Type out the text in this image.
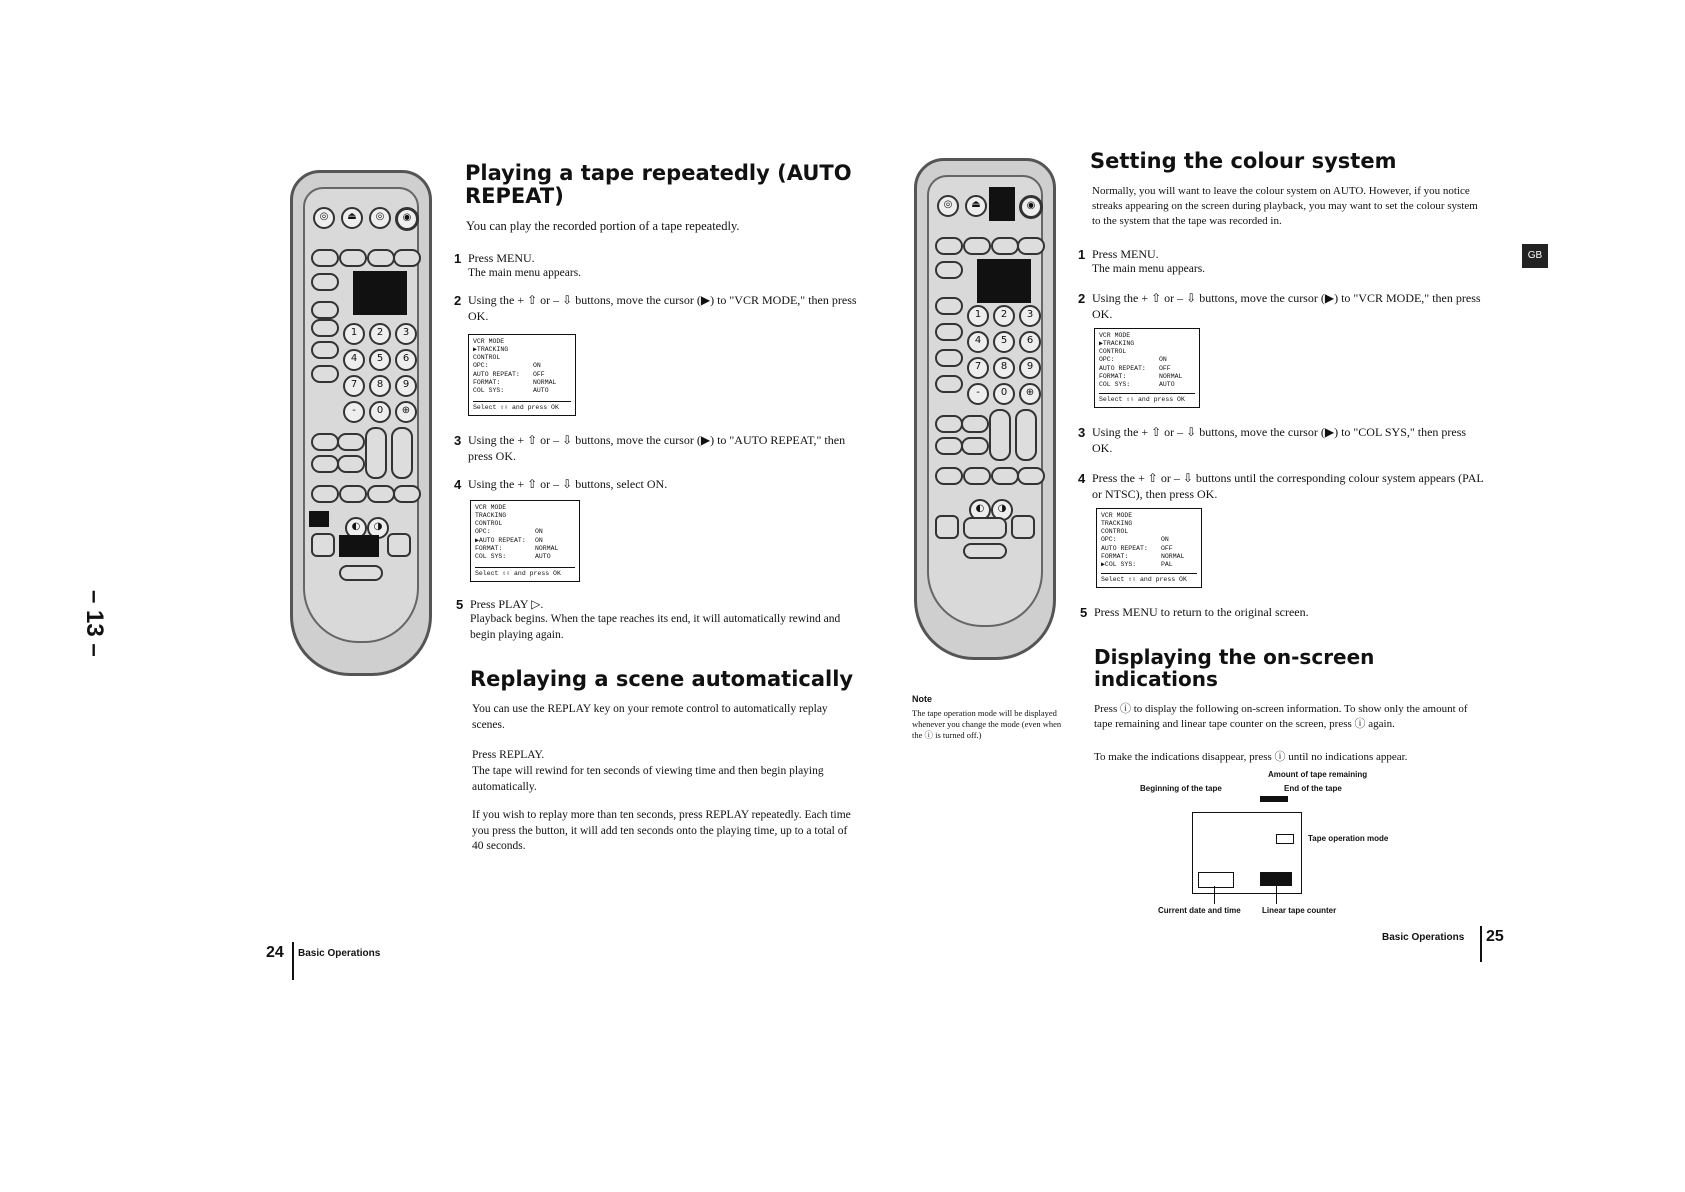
– 13 –
◎	⏏	◎	◉
1	2	3
4	5	6
7	8	9
-	0	⊕
◐	◑
Playing a tape repeatedly (AUTO REPEAT)
You can play the recorded portion of a tape repeatedly.
1 Press MENU.
The main menu appears.
2 Using the + ⇧ or – ⇩ buttons, move the cursor (▶) to "VCR MODE," then press OK.
VCR MODE
▶TRACKING CONTROL
OPC:	ON
AUTO REPEAT:	OFF
FORMAT:	NORMAL
COL SYS:	AUTO
Select ⇧⇩ and press OK
3 Using the + ⇧ or – ⇩ buttons, move the cursor (▶) to "AUTO REPEAT," then press OK.
4 Using the + ⇧ or – ⇩ buttons, select ON.
VCR MODE
TRACKING CONTROL
OPC:	ON
▶AUTO REPEAT:	ON
FORMAT:	NORMAL
COL SYS:	AUTO
Select ⇧⇩ and press OK
5 Press PLAY ▷.
Playback begins. When the tape reaches its end, it will automatically rewind and begin playing again.
Replaying a scene automatically
You can use the REPLAY key on your remote control to automatically replay scenes.
Press REPLAY.
The tape will rewind for ten seconds of viewing time and then begin playing automatically.
If you wish to replay more than ten seconds, press REPLAY repeatedly. Each time you press the button, it will add ten seconds onto the playing time, up to a total of 40 seconds.
24 Basic Operations
◎	⏏	◉
1	2	3
4	5	6
7	8	9
-	0	⊕
◐	◑
Note
The tape operation mode will be displayed whenever you change the mode (even when the ⓘ is turned off.)
Setting the colour system
Normally, you will want to leave the colour system on AUTO. However, if you notice streaks appearing on the screen during playback, you may want to set the colour system to the system that the tape was recorded in.
1 Press MENU.
The main menu appears.
2 Using the + ⇧ or – ⇩ buttons, move the cursor (▶) to "VCR MODE," then press OK.
VCR MODE
▶TRACKING CONTROL
OPC:	ON
AUTO REPEAT:	OFF
FORMAT:	NORMAL
COL SYS:	AUTO
Select ⇧⇩ and press OK
3 Using the + ⇧ or – ⇩ buttons, move the cursor (▶) to "COL SYS," then press OK.
4 Press the + ⇧ or – ⇩ buttons until the corresponding colour system appears (PAL or NTSC), then press OK.
VCR MODE
TRACKING CONTROL
OPC:	ON
AUTO REPEAT:	OFF
FORMAT:	NORMAL
▶COL SYS:	PAL
Select ⇧⇩ and press OK
5 Press MENU to return to the original screen.
Displaying the on-screen indications
Press ⓘ to display the following on-screen information. To show only the amount of tape remaining and linear tape counter on the screen, press ⓘ again.
To make the indications disappear, press ⓘ until no indications appear.
Amount of tape remaining
Beginning of the tape	End of the tape
Tape operation mode
Current date and time	Linear tape counter
GB
Basic Operations 25
